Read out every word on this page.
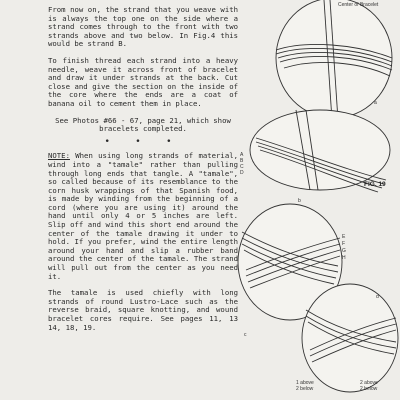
From now on, the strand that you weave with is always the top one on the side where a strand comes through to the front with two strands above and two below. In Fig.4 this would be strand B.

To finish thread each strand into a heavy needle, weave it across front of bracelet and draw it under strands at the back. Cut close and give the section on the inside of the core where the ends are a coat of banana oil to cement them in place.

See Photos #66 - 67, page 21, which show bracelets completed.

• • •

NOTE: When using long strands of material, wind into a "tamale" rather than pulling through long ends that tangle. A "tamale", so called because of its resemblance to the corn husk wrappings of that Spanish food, is made by winding from the beginning of a cord (where you are using it) around the hand until only 4 or 5 inches are left. Slip off and wind this short end around the center of the tamale drawing it under to hold. If you prefer, wind the entire length around your hand and slip a rubber band around the center of the tamale. The strand will pull out from the center as you need it.

The tamale is used chiefly with long strands of round Lustro-Lace such as the reverse braid, square knotting, and wound bracelet cores require. See pages 11, 13 14, 18, 19.

Center of Bracelet
a
A
B
C
D
b
FIG. 19
E
F
G
H
c
d
1 above
2 below
2 above
2 below
